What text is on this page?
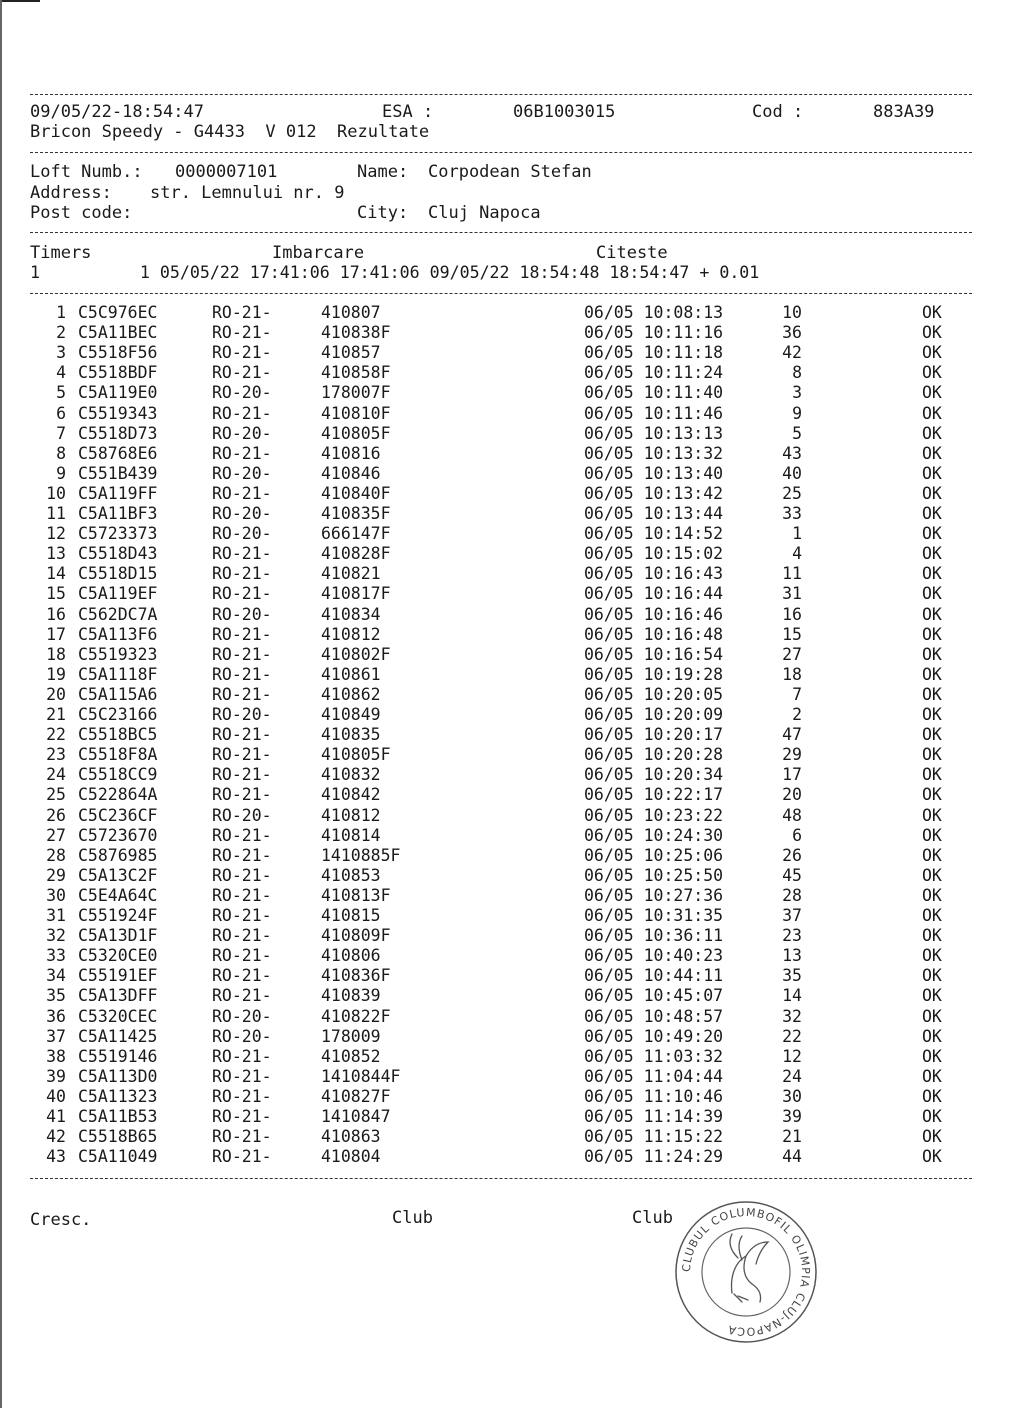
09/05/22-18:54:47	ESA :	06B1003015	Cod :	883A39
Bricon Speedy - G4433  V 012  Rezultate
Loft Numb.: 0000007101	Name: Corpodean Stefan
Address: str. Lemnului nr. 9
Post code:	City: Cluj Napoca
Timers	Imbarcare	Citeste
1          1 05/05/22 17:41:06 17:41:06 09/05/22 18:54:48 18:54:47 + 0.01
1 C5C976EC	RO-21-	410807	06/05 10:08:13	10	OK
2 C5A11BEC	RO-21-	410838F	06/05 10:11:16	36	OK
3 C5518F56	RO-21-	410857	06/05 10:11:18	42	OK
4 C5518BDF	RO-21-	410858F	06/05 10:11:24	8	OK
5 C5A119E0	RO-20-	178007F	06/05 10:11:40	3	OK
6 C5519343	RO-21-	410810F	06/05 10:11:46	9	OK
7 C5518D73	RO-20-	410805F	06/05 10:13:13	5	OK
8 C58768E6	RO-21-	410816	06/05 10:13:32	43	OK
9 C551B439	RO-20-	410846	06/05 10:13:40	40	OK
10 C5A119FF	RO-21-	410840F	06/05 10:13:42	25	OK
11 C5A11BF3	RO-20-	410835F	06/05 10:13:44	33	OK
12 C5723373	RO-20-	666147F	06/05 10:14:52	1	OK
13 C5518D43	RO-21-	410828F	06/05 10:15:02	4	OK
14 C5518D15	RO-21-	410821	06/05 10:16:43	11	OK
15 C5A119EF	RO-21-	410817F	06/05 10:16:44	31	OK
16 C562DC7A	RO-20-	410834	06/05 10:16:46	16	OK
17 C5A113F6	RO-21-	410812	06/05 10:16:48	15	OK
18 C5519323	RO-21-	410802F	06/05 10:16:54	27	OK
19 C5A1118F	RO-21-	410861	06/05 10:19:28	18	OK
20 C5A115A6	RO-21-	410862	06/05 10:20:05	7	OK
21 C5C23166	RO-20-	410849	06/05 10:20:09	2	OK
22 C5518BC5	RO-21-	410835	06/05 10:20:17	47	OK
23 C5518F8A	RO-21-	410805F	06/05 10:20:28	29	OK
24 C5518CC9	RO-21-	410832	06/05 10:20:34	17	OK
25 C522864A	RO-21-	410842	06/05 10:22:17	20	OK
26 C5C236CF	RO-20-	410812	06/05 10:23:22	48	OK
27 C5723670	RO-21-	410814	06/05 10:24:30	6	OK
28 C5876985	RO-21-	1410885F	06/05 10:25:06	26	OK
29 C5A13C2F	RO-21-	410853	06/05 10:25:50	45	OK
30 C5E4A64C	RO-21-	410813F	06/05 10:27:36	28	OK
31 C551924F	RO-21-	410815	06/05 10:31:35	37	OK
32 C5A13D1F	RO-21-	410809F	06/05 10:36:11	23	OK
33 C5320CE0	RO-21-	410806	06/05 10:40:23	13	OK
34 C55191EF	RO-21-	410836F	06/05 10:44:11	35	OK
35 C5A13DFF	RO-21-	410839	06/05 10:45:07	14	OK
36 C5320CEC	RO-20-	410822F	06/05 10:48:57	32	OK
37 C5A11425	RO-20-	178009	06/05 10:49:20	22	OK
38 C5519146	RO-21-	410852	06/05 11:03:32	12	OK
39 C5A113D0	RO-21-	1410844F	06/05 11:04:44	24	OK
40 C5A11323	RO-21-	410827F	06/05 11:10:46	30	OK
41 C5A11B53	RO-21-	1410847	06/05 11:14:39	39	OK
42 C5518B65	RO-21-	410863	06/05 11:15:22	21	OK
43 C5A11049	RO-21-	410804	06/05 11:24:29	44	OK
Cresc.	Club	Club
CLUBUL COLUMBOFIL OLIMPIA CLUJ-NAPOCA
